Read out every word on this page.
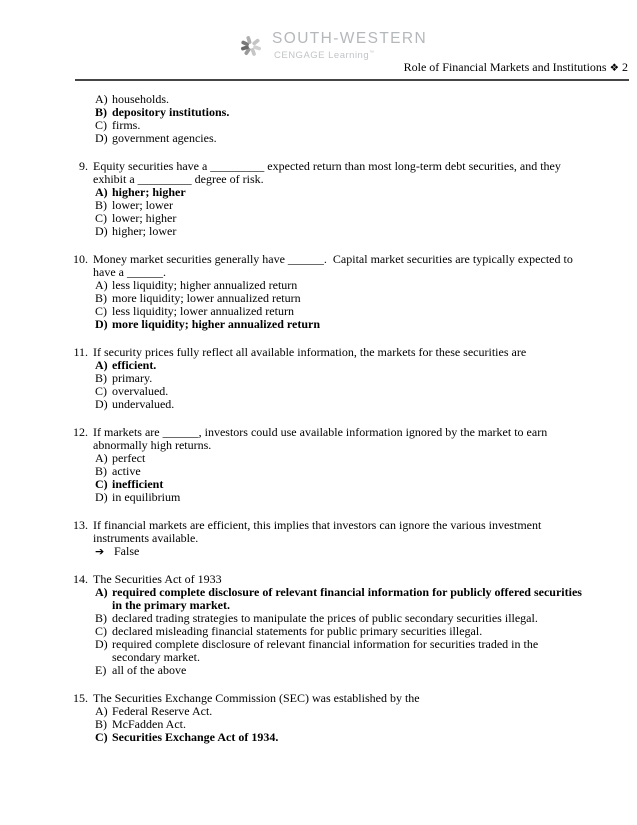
SOUTH-WESTERN
CENGAGE Learning™
Role of Financial Markets and Institutions ❖ 2
A) households.
B) depository institutions.
C) firms.
D) government agencies.
9. Equity securities have a _________ expected return than most long-term debt securities, and they
exhibit a _________ degree of risk.
A) higher; higher
B) lower; lower
C) lower; higher
D) higher; lower
10. Money market securities generally have ______.  Capital market securities are typically expected to
have a ______.
A) less liquidity; higher annualized return
B) more liquidity; lower annualized return
C) less liquidity; lower annualized return
D) more liquidity; higher annualized return
11. If security prices fully reflect all available information, the markets for these securities are
A) efficient.
B) primary.
C) overvalued.
D) undervalued.
12. If markets are ______, investors could use available information ignored by the market to earn
abnormally high returns.
A) perfect
B) active
C) inefficient
D) in equilibrium
13. If financial markets are efficient, this implies that investors can ignore the various investment
instruments available.
➔ False
14. The Securities Act of 1933
A) required complete disclosure of relevant financial information for publicly offered securities
in the primary market.
B) declared trading strategies to manipulate the prices of public secondary securities illegal.
C) declared misleading financial statements for public primary securities illegal.
D) required complete disclosure of relevant financial information for securities traded in the
secondary market.
E) all of the above
15. The Securities Exchange Commission (SEC) was established by the
A) Federal Reserve Act.
B) McFadden Act.
C) Securities Exchange Act of 1934.
